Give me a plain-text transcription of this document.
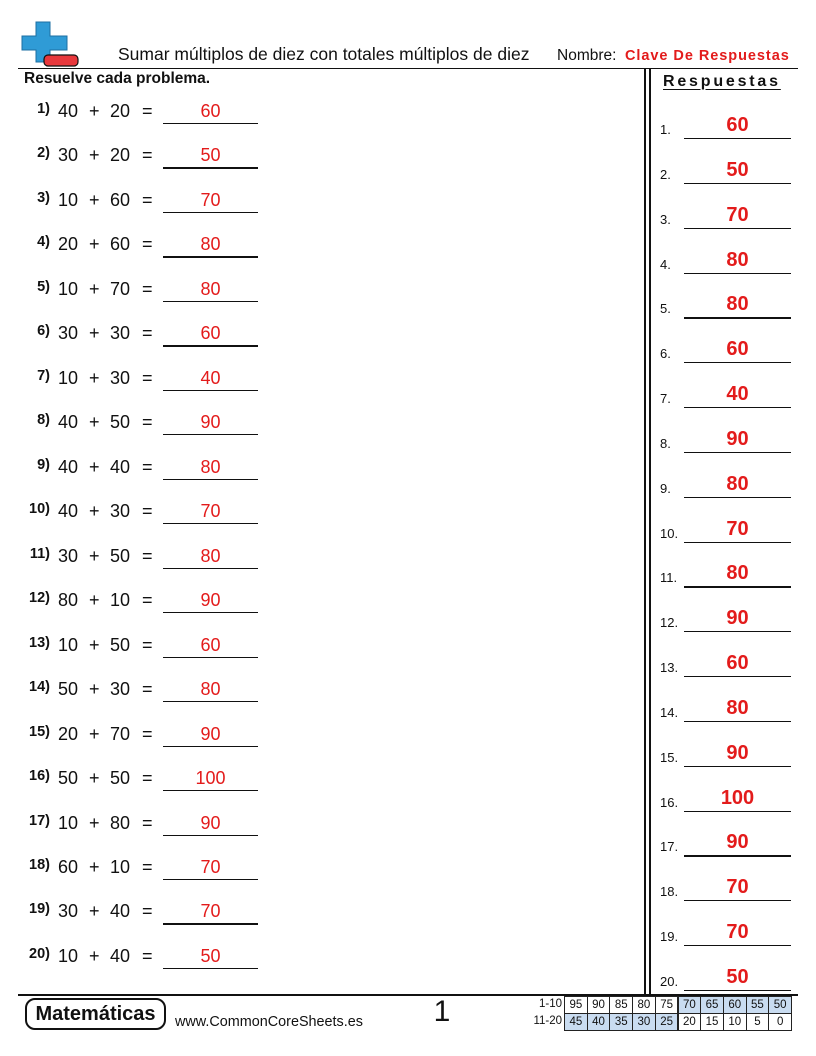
Sumar múltiplos de diez con totales múltiplos de diez Nombre: Clave De Respuestas
Resuelve cada problema.	Respuestas
1) 40 + 20 =	60
2) 30 + 20 =	50
3) 10 + 60 =	70
4) 20 + 60 =	80
5) 10 + 70 =	80
6) 30 + 30 =	60
7) 10 + 30 =	40
8) 40 + 50 =	90
9) 40 + 40 =	80
10) 40 + 30 =	70
11) 30 + 50 =	80
12) 80 + 10 =	90
13) 10 + 50 =	60
14) 50 + 30 =	80
15) 20 + 70 =	90
16) 50 + 50 =	100
17) 10 + 80 =	90
18) 60 + 10 =	70
19) 30 + 40 =	70
20) 10 + 40 =	50
1.	60
2.	50
3.	70
4.	80
5.	80
6.	60
7.	40
8.	90
9.	80
10.	70
11.	80
12.	90
13.	60
14.	80
15.	90
16.	100
17.	90
18.	70
19.	70
20.	50
Matemáticas www.CommonCoreSheets.es 1	1-10 95 90 85 80 75 70 65 60 55 50
11-20 45 40 35 30 25 20 15 10	5	0
